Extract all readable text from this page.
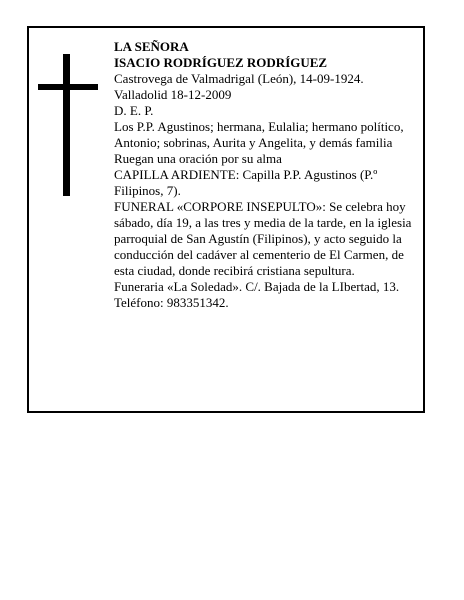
LA SEÑORA

ISACIO RODRÍGUEZ RODRÍGUEZ

Castrovega de Valmadrigal (León), 14-09-1924.

Valladolid 18-12-2009

D. E. P.

Los P.P. Agustinos; hermana, Eulalia; hermano político, Antonio; sobrinas, Aurita y Angelita, y demás familia

Ruegan una oración por su alma

CAPILLA ARDIENTE: Capilla P.P. Agustinos (P.º Filipinos, 7).

FUNERAL «CORPORE INSEPULTO»: Se celebra hoy sábado, día 19, a las tres y media de la tarde, en la iglesia parroquial de San Agustín (Filipinos), y acto seguido la conducción del cadáver al cementerio de El Carmen, de esta ciudad, donde recibirá cristiana sepultura.

Funeraria «La Soledad». C/. Bajada de la LIbertad, 13. Teléfono: 983351342.
